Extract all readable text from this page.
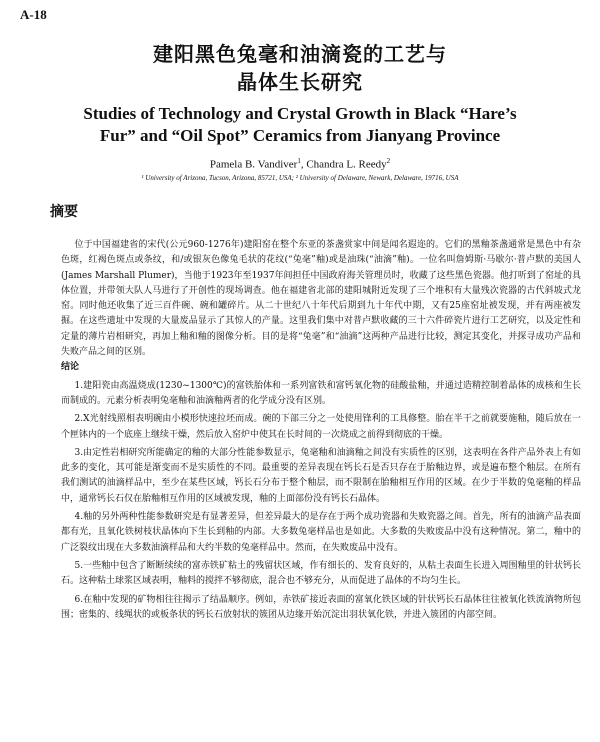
A-18
建阳黑色兔毫和油滴瓷的工艺与
晶体生长研究
Studies of Technology and Crystal Growth in Black “Hare’s
Fur” and “Oil Spot” Ceramics from Jianyang Province
Pamela B. Vandiver$^1$, Chandra L. Reedy$^2$
¹ University of Arizona, Tucson, Arizona, 85721, USA; ² University of Delaware, Newark, Delaware, 19716, USA
摘要

位于中国福建省的宋代(公元960-1276年)建阳窑在整个东亚的茶盏赏家中间是闻名遐迩的。它们的黑釉茶盏通常是黑色中有杂色斑，红褐色斑点或条纹，和/或银灰色像兔毛状的花纹(“兔毫”釉)或是油珠(“油滴”釉)。一位名叫詹姆斯·马歇尔·普卢默的美国人(James Marshall Plumer)，当他于1923年至1937年间担任中国政府海关管理员时，收藏了这些黑色瓷器。他打听到了窑址的具体位置，并带领大队人马进行了开创性的现场调查。他在福建省北部的建阳城附近发现了三个堆积有大量残次瓷器的古代斜坡式龙窑。同时他还收集了近三百件碗、碗和罐碎片。从二十世纪八十年代后期到九十年代中期，又有25座窑址被发现，并有两座被发掘。在这些遗址中发现的大量废品显示了其惊人的产量。这里我们集中对普卢默收藏的三十六件碎瓷片进行工艺研究，以及定性和定量的薄片岩相研究，再加上釉和釉的图像分析。目的是将“兔毫”和“油滴”这两种产品进行比较，测定其变化，并探寻成功产品和失败产品之间的区别。

结论

1.建阳瓷由高温烧成(1230~1300℃)的富铁胎体和一系列富铁和富钙氧化物的硅酸盐釉，并通过造精控制着晶体的成核和生长而制成的。元素分析表明兔毫釉和油滴釉两者的化学成分没有区别。

2.X光射线照相表明碗由小模形快速拉坯而成。碗的下部三分之一处使用锋利的工具修整。胎在半干之前就要施釉，随后放在一个匣钵内的一个底座上继续干燥，然后放入窑炉中使其在长时间的一次烧成之前得到彻底的干燥。

3.由定性岩相研究所能确定的釉的大部分性能参数显示，兔毫釉和油滴釉之间没有实质性的区别，这表明在各件产品外表上有如此多的变化，其可能是渐变而不是实质性的不同。最重要的差异表现在钙长石是否只存在于胎釉边界，或是遍布整个釉层。在所有我们测试的油滴样品中，至少在某些区域，钙长石分布于整个釉层，而不限制在胎釉相互作用的区域。在少于半数的兔毫釉的样品中，通常钙长石仅在胎釉相互作用的区域被发现，釉的上面部份没有钙长石晶体。

4.釉的另外两种性能参数研究是有显著差异，但差异最大的是存在于两个成功瓷器和失败瓷器之间。首先，所有的油滴产品表面都有光，且氧化铁树枝状晶体向下生长到釉的内部。大多数兔毫样品也是如此。大多数的失败废品中没有这种情况。第二，釉中的广泛裂纹出现在大多数油滴样品和大约半数的兔毫样品中。然而，在失败废品中没有。

5.一些釉中包含了断断续续的富赤铁矿粘土的残留状区域，作有细长的、发育良好的，从粘土表面生长进入周围釉里的针状钙长石。这种粘土球浆区域表明，釉料的搅拌不够彻底，混合也不够充分，从而促进了晶体的不均匀生长。

6.在釉中发现的矿物相往往揭示了结晶顺序。例如，赤铁矿接近表面的富氧化铁区域的针状钙长石晶体往往被氧化铁流淌物所包围；密集的、线绳状的或板条状的钙长石放射状的簇团从边缘开始沉淀出羽状氧化铁，并进入簇团的内部空间。
